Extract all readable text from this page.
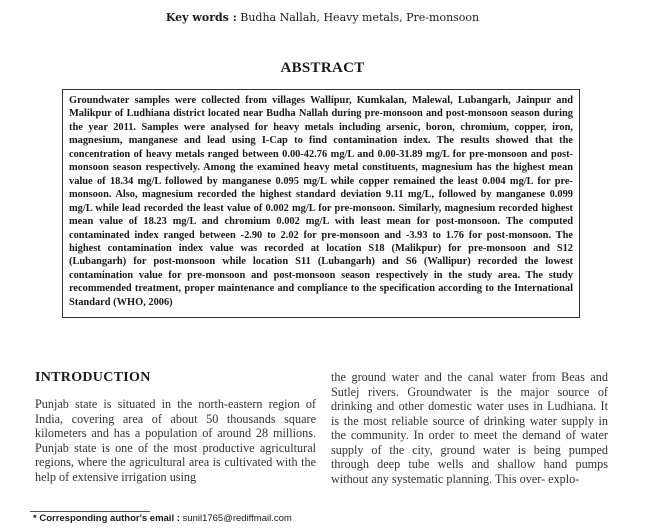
Key words : Budha Nallah, Heavy metals, Pre-monsoon
ABSTRACT

Groundwater samples were collected from villages Wallipur, Kumkalan, Malewal, Lubangarh, Jainpur and Malikpur of Ludhiana district located near Budha Nallah during pre-monsoon and post-monsoon season during the year 2011. Samples were analysed for heavy metals including arsenic, boron, chromium, copper, iron, magnesium, manganese and lead using I-Cap to find contamination index. The results showed that the concentration of heavy metals ranged between 0.00-42.76 mg/L and 0.00-31.89 mg/L for pre-monsoon and post-monsoon season respectively. Among the examined heavy metal constituents, magnesium has the highest mean value of 18.34 mg/L followed by manganese 0.095 mg/L while copper remained the least 0.004 mg/L for pre-monsoon. Also, magnesium recorded the highest standard deviation 9.11 mg/L, followed by manganese 0.099 mg/L while lead recorded the least value of 0.002 mg/L for pre-monsoon. Similarly, magnesium recorded highest mean value of 18.23 mg/L and chromium 0.002 mg/L with least mean for post-monsoon. The computed contaminated index ranged between -2.90 to 2.02 for pre-monsoon and -3.93 to 1.76 for post-monsoon. The highest contamination index value was recorded at location S18 (Malikpur) for pre-monsoon and S12 (Lubangarh) for post-monsoon while location S11 (Lubangarh) and S6 (Wallipur) recorded the lowest contamination value for pre-monsoon and post-monsoon season respectively in the study area. The study recommended treatment, proper maintenance and compliance to the specification according to the International Standard (WHO, 2006)

INTRODUCTION

Punjab state is situated in the north-eastern region of India, covering area of about 50 thousands square kilometers and has a population of around 28 millions. Punjab state is one of the most productive agricultural regions, where the agricultural area is cultivated with the help of extensive irrigation using

the ground water and the canal water from Beas and Sutlej rivers. Groundwater is the major source of drinking and other domestic water uses in Ludhiana. It is the most reliable source of drinking water supply in the community. In order to meet the demand of water supply of the city, ground water is being pumped through deep tube wells and shallow hand pumps without any systematic planning. This over- explo-

* Corresponding author's email : sunil1765@rediffmail.com
